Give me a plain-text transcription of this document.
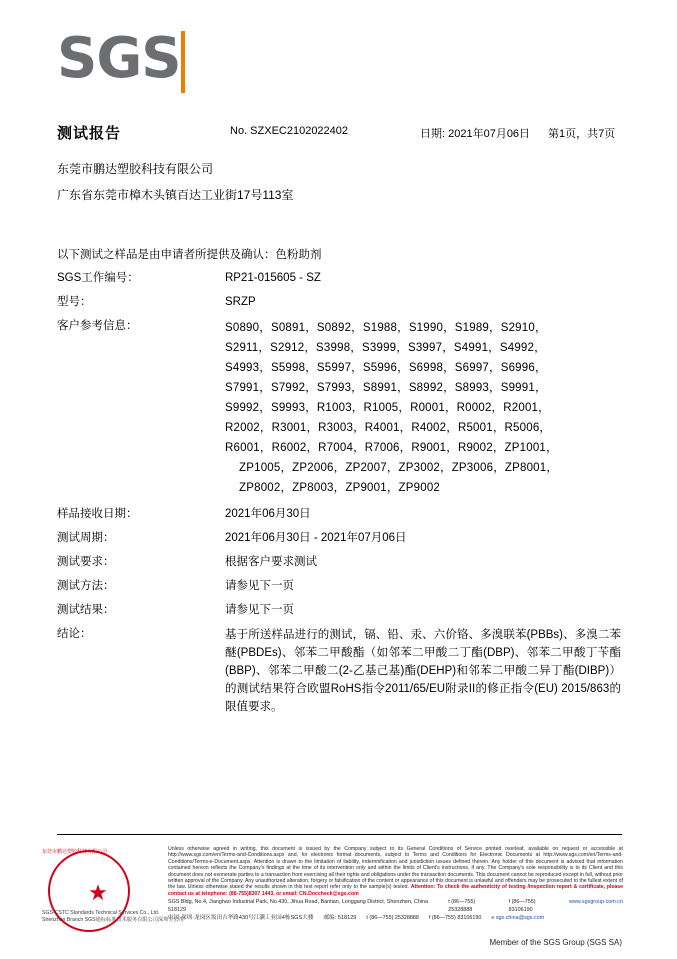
SGS
测试报告	No. SZXEC2102022402	日期: 2021年07月06日 第1页，共7页
东莞市鹏达塑胶科技有限公司
广东省东莞市樟木头镇百达工业街17号113室
以下测试之样品是由申请者所提供及确认：色粉助剂
SGS工作编号：	RP21-015605 - SZ
型号：	SRZP
客户参考信息：	S0890，S0891，S0892，S1988，S1990，S1989，S2910，
S2911，S2912，S3998，S3999，S3997，S4991，S4992，
S4993，S5998，S5997，S5996，S6998，S6997，S6996，
S7991，S7992，S7993，S8991，S8992，S8993，S9991，
S9992，S9993，R1003，R1005，R0001，R0002，R2001，
R2002，R3001，R3003，R4001，R4002，R5001，R5006，
R6001，R6002，R7004，R7006，R9001，R9002，ZP1001，
ZP1005，ZP2006，ZP2007，ZP3002，ZP3006，ZP8001，
ZP8002，ZP8003，ZP9001，ZP9002
样品接收日期：	2021年06月30日
测试周期：	2021年06月30日 - 2021年07月06日
测试要求：	根据客户要求测试
测试方法：	请参见下一页
测试结果：	请参见下一页
结论：	基于所送样品进行的测试，镉、铅、汞、六价铬、多溴联苯(PBBs)、多溴二苯醚(PBDEs)、邻苯二甲酸酯（如邻苯二甲酸二丁酯(DBP)、邻苯二甲酸丁苄酯(BBP)、邻苯二甲酸二(2-乙基己基)酯(DEHP)和邻苯二甲酸二异丁酯(DIBP)）的测试结果符合欧盟RoHS指令2011/65/EU附录II的修正指令(EU) 2015/863的限值要求。
★
东莞市鹏达塑胶科技有限公司
SGS-CSTC Standards Technical Services Co., Ltd.
Shenzhen Branch SGS通标标准技术服务有限公司深圳分公司
Unless otherwise agreed in writing, this document is issued by the Company subject to its General Conditions of Service printed overleaf, available on request or accessible at http://www.sgs.com/en/Terms-and-Conditions.aspx and, for electronic format documents, subject to Terms and Conditions for Electronic Documents at http://www.sgs.com/en/Terms-and-Conditions/Terms-e-Document.aspx. Attention is drawn to the limitation of liability, indemnification and jurisdiction issues defined therein. Any holder of this document is advised that information contained hereon reflects the Company's findings at the time of its intervention only and within the limits of Client's instructions, if any. The Company's sole responsibility is to its Client and this document does not exonerate parties to a transaction from exercising all their rights and obligations under the transaction documents. This document cannot be reproduced except in full, without prior written approval of the Company. Any unauthorized alteration, forgery or falsification of the content or appearance of this document is unlawful and offenders may be prosecuted to the fullest extent of the law. Unless otherwise stated the results shown in this test report refer only to the sample(s) tested. Attention: To check the authenticity of testing /inspection report & certificate, please contact us at telephone: (86-755)8307 1443, or email: CN.Doccheck@sgs.com
SGS Bldg, No.4, Jianghao Industrial Park, No.430, Jihua Road, Bantian, Longgang District, Shenzhen, China 518129
t (86—755) 25328888
f (86—755) 83106190
www.sgsgroup.com.cn
中国·深圳·龙岗区坂田吉华路430号江灏工业园4栋SGS大楼 邮编: 518129 t (86—755) 25328888 f (86—755) 83106190 e sgs.china@sgs.com
Member of the SGS Group (SGS SA)
